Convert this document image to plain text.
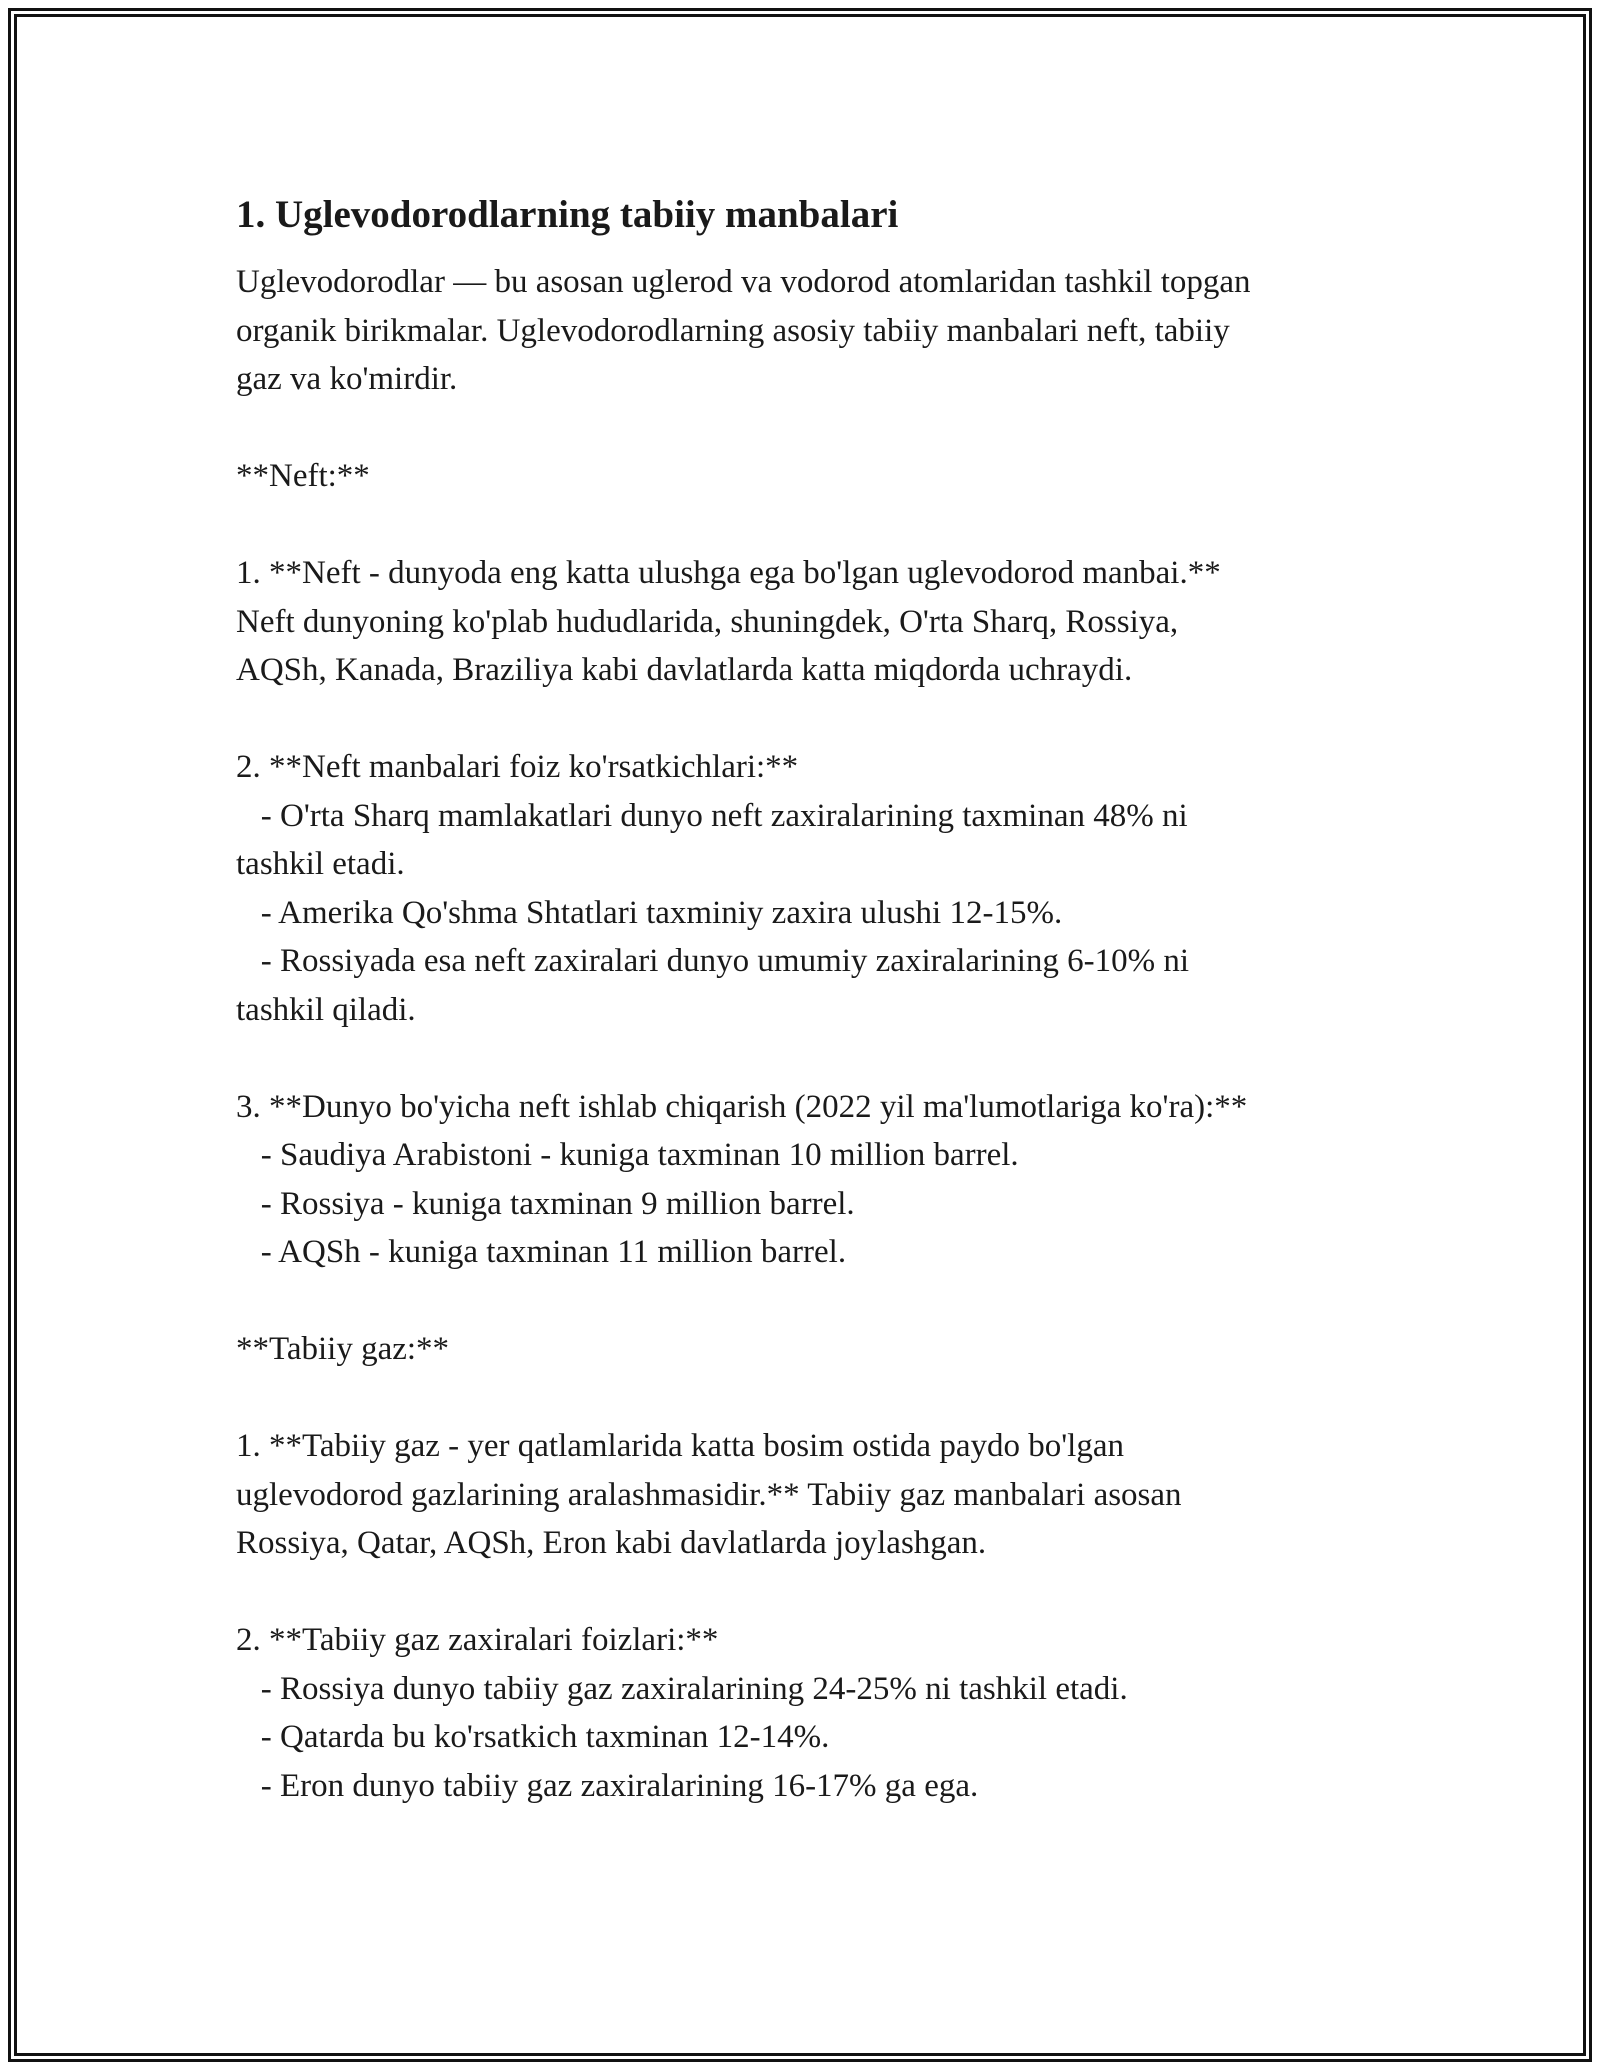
1. Uglevodorodlarning tabiiy manbalari
Uglevodorodlar — bu asosan uglerod va vodorod atomlaridan tashkil topgan
organik birikmalar. Uglevodorodlarning asosiy tabiiy manbalari neft, tabiiy
gaz va ko'mirdir.
**Neft:**
1. **Neft - dunyoda eng katta ulushga ega bo'lgan uglevodorod manbai.**
Neft dunyoning ko'plab hududlarida, shuningdek, O'rta Sharq, Rossiya,
AQSh, Kanada, Braziliya kabi davlatlarda katta miqdorda uchraydi.
2. **Neft manbalari foiz ko'rsatkichlari:**
- O'rta Sharq mamlakatlari dunyo neft zaxiralarining taxminan 48% ni
tashkil etadi.
- Amerika Qo'shma Shtatlari taxminiy zaxira ulushi 12-15%.
- Rossiyada esa neft zaxiralari dunyo umumiy zaxiralarining 6-10% ni
tashkil qiladi.
3. **Dunyo bo'yicha neft ishlab chiqarish (2022 yil ma'lumotlariga ko'ra):**
- Saudiya Arabistoni - kuniga taxminan 10 million barrel.
- Rossiya - kuniga taxminan 9 million barrel.
- AQSh - kuniga taxminan 11 million barrel.
**Tabiiy gaz:**
1. **Tabiiy gaz - yer qatlamlarida katta bosim ostida paydo bo'lgan
uglevodorod gazlarining aralashmasidir.** Tabiiy gaz manbalari asosan
Rossiya, Qatar, AQSh, Eron kabi davlatlarda joylashgan.
2. **Tabiiy gaz zaxiralari foizlari:**
- Rossiya dunyo tabiiy gaz zaxiralarining 24-25% ni tashkil etadi.
- Qatarda bu ko'rsatkich taxminan 12-14%.
- Eron dunyo tabiiy gaz zaxiralarining 16-17% ga ega.
